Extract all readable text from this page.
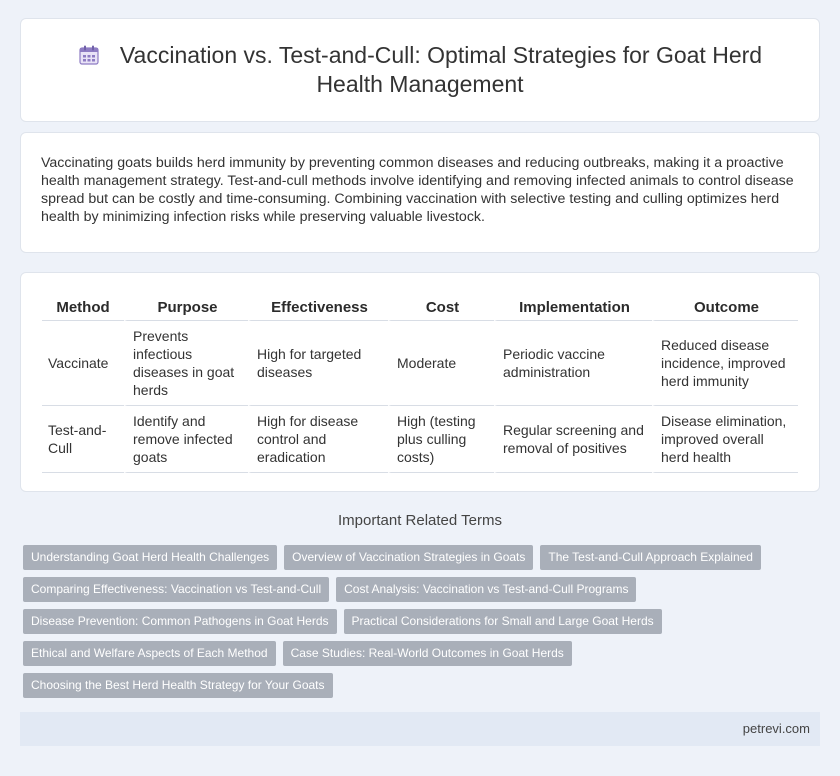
Vaccination vs. Test-and-Cull: Optimal Strategies for Goat Herd Health Management

Vaccinating goats builds herd immunity by preventing common diseases and reducing outbreaks, making it a proactive health management strategy. Test-and-cull methods involve identifying and removing infected animals to control disease spread but can be costly and time-consuming. Combining vaccination with selective testing and culling optimizes herd health by minimizing infection risks while preserving valuable livestock.

Method	Purpose	Effectiveness	Cost	Implementation	Outcome
Vaccinate	Prevents infectious diseases in goat herds	High for targeted diseases	Moderate	Periodic vaccine administration	Reduced disease incidence, improved herd immunity
Test-and-Cull	Identify and remove infected goats	High for disease control and eradication	High (testing plus culling costs)	Regular screening and removal of positives	Disease elimination, improved overall herd health
Important Related Terms
Understanding Goat Herd Health Challenges	Overview of Vaccination Strategies in Goats	The Test-and-Cull Approach Explained
Comparing Effectiveness: Vaccination vs Test-and-Cull	Cost Analysis: Vaccination vs Test-and-Cull Programs
Disease Prevention: Common Pathogens in Goat Herds	Practical Considerations for Small and Large Goat Herds
Ethical and Welfare Aspects of Each Method	Case Studies: Real-World Outcomes in Goat Herds
Choosing the Best Herd Health Strategy for Your Goats
petrevi.com
